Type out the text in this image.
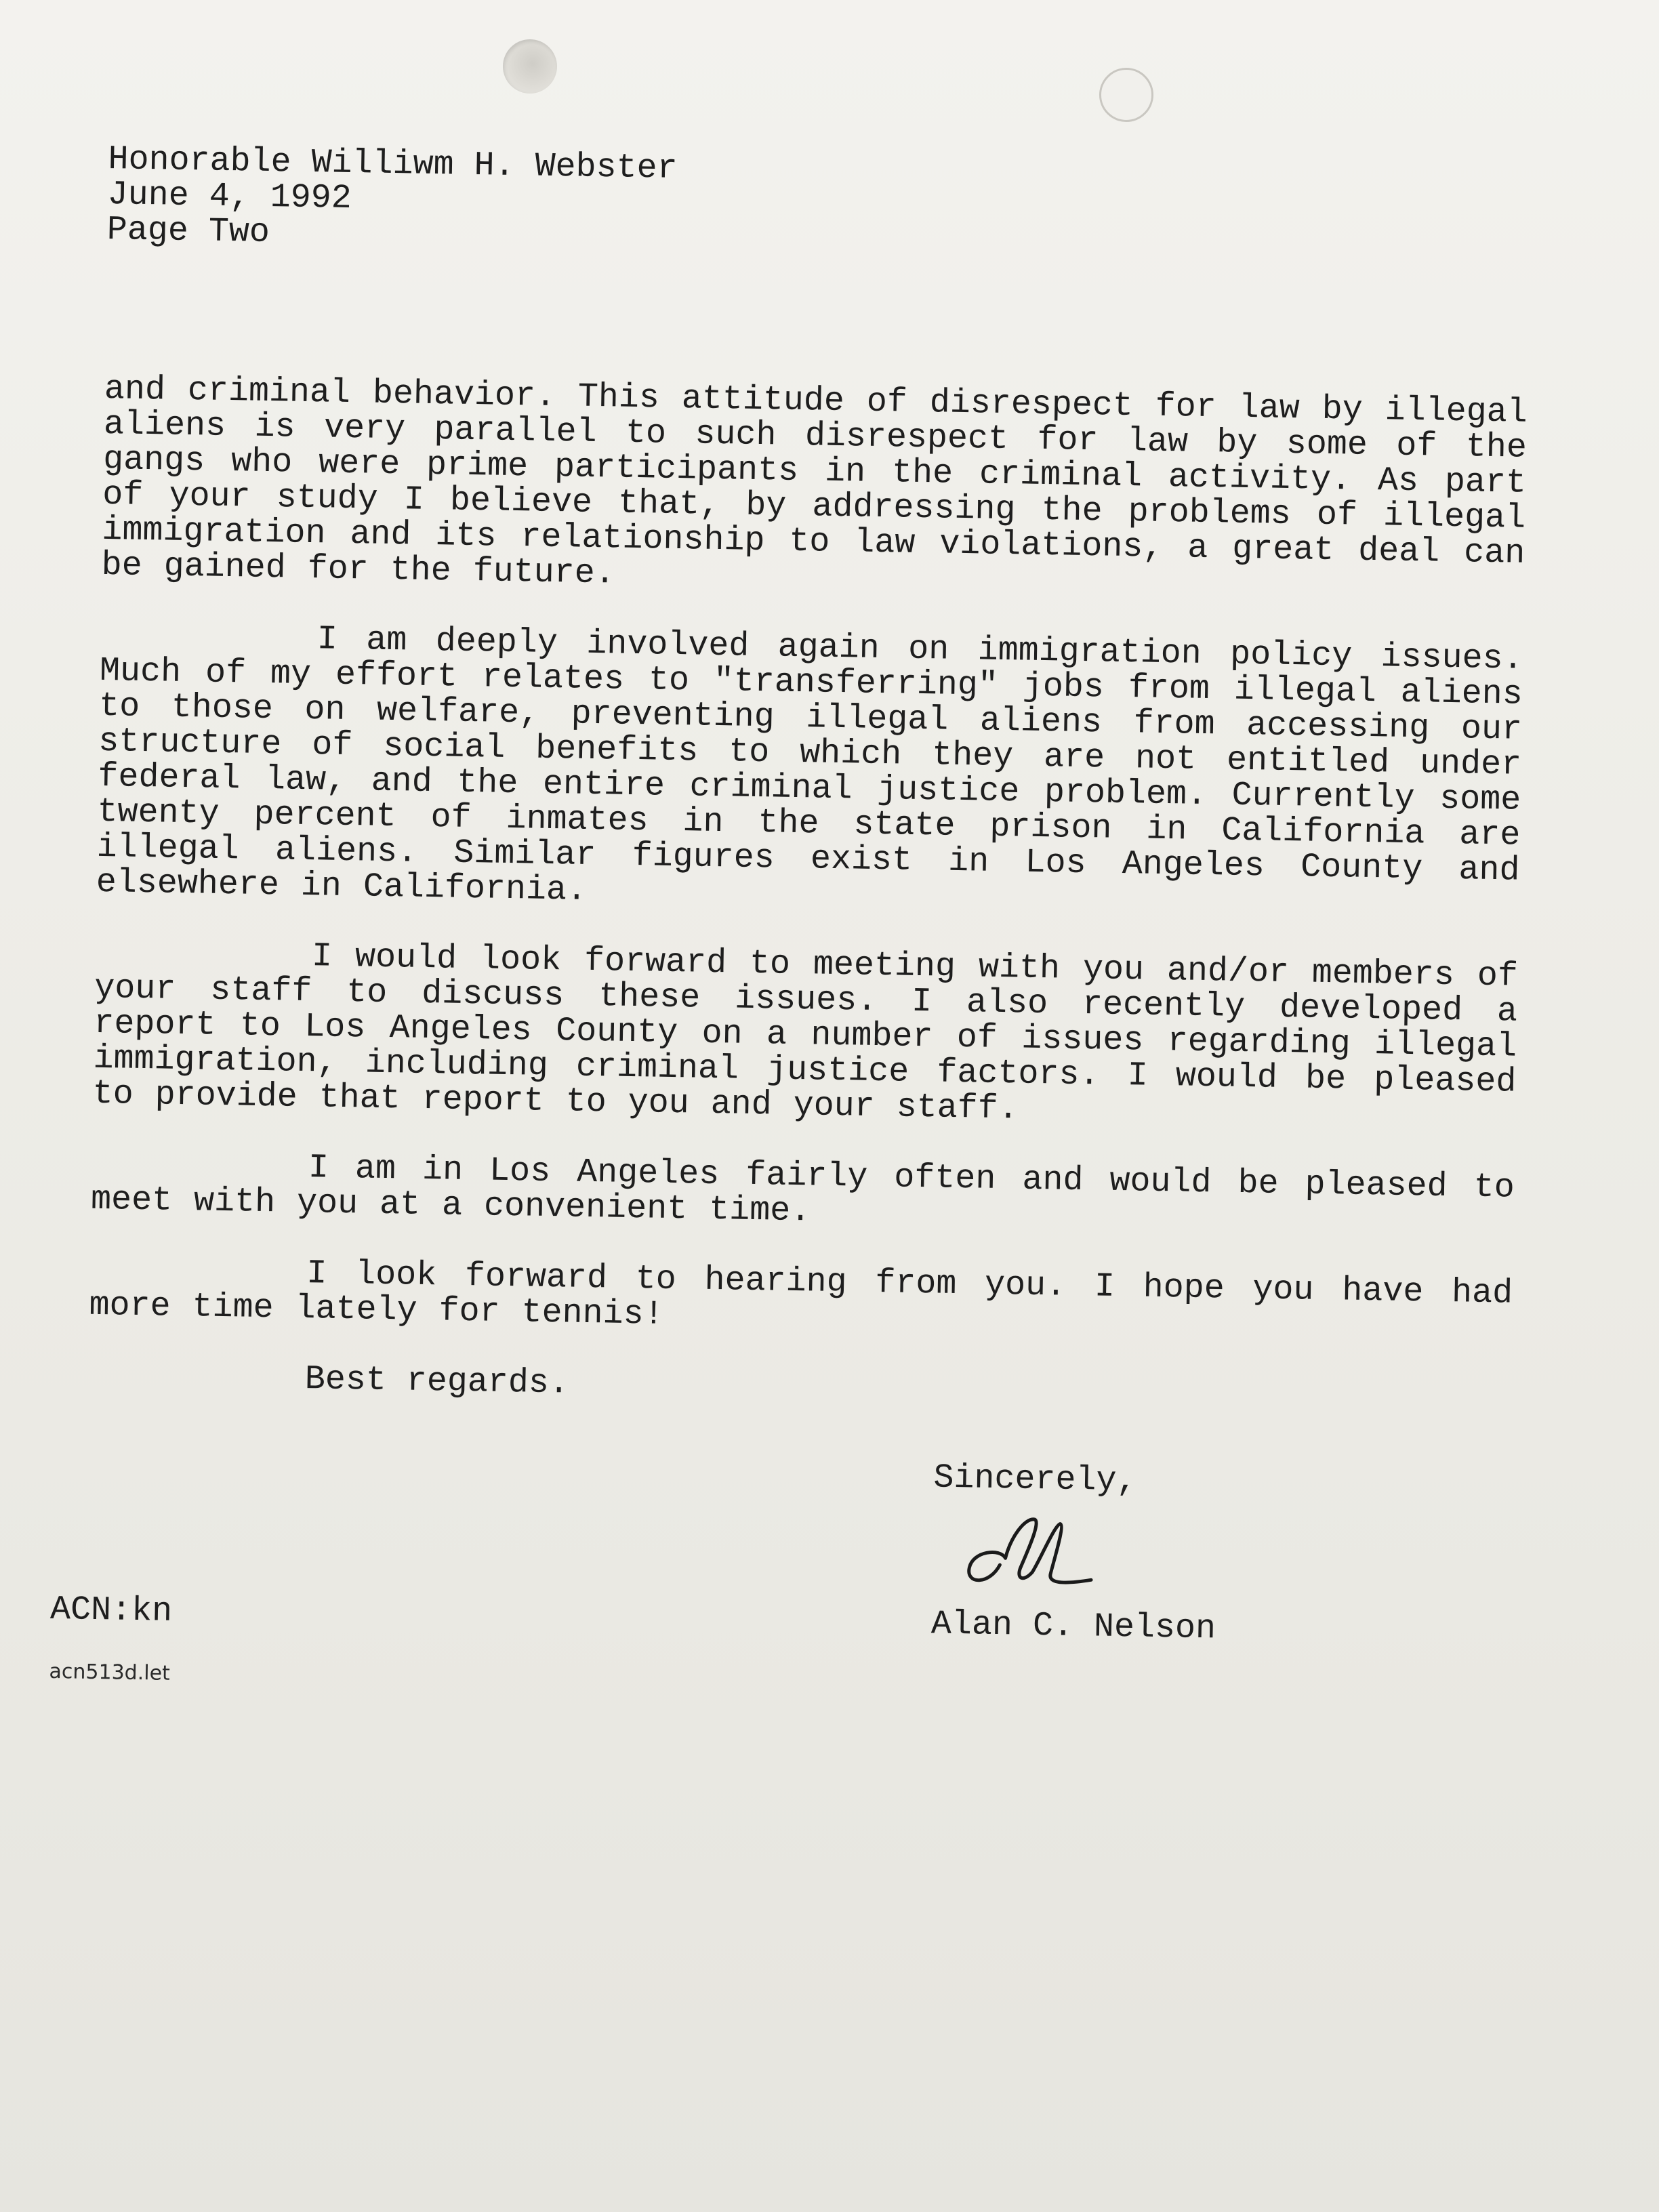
Honorable Williwm H. Webster
June 4, 1992
Page Two

and criminal behavior. This attitude of disrespect for law by illegal aliens is very parallel to such disrespect for law by some of the gangs who were prime participants in the criminal activity. As part of your study I believe that, by addressing the problems of illegal immigration and its relationship to law violations, a great deal can be gained for the future.

I am deeply involved again on immigration policy issues. Much of my effort relates to "transferring" jobs from illegal aliens to those on welfare, preventing illegal aliens from accessing our structure of social benefits to which they are not entitled under federal law, and the entire criminal justice problem. Currently some twenty percent of inmates in the state prison in California are illegal aliens. Similar figures exist in Los Angeles County and elsewhere in California.

I would look forward to meeting with you and/or members of your staff to discuss these issues. I also recently developed a report to Los Angeles County on a number of issues regarding illegal immigration, including criminal justice factors. I would be pleased to provide that report to you and your staff.

I am in Los Angeles fairly often and would be pleased to meet with you at a convenient time.

I look forward to hearing from you. I hope you have had more time lately for tennis!

Best regards.
Sincerely,
ACN:kn	Alan C. Nelson
acn513d.let
